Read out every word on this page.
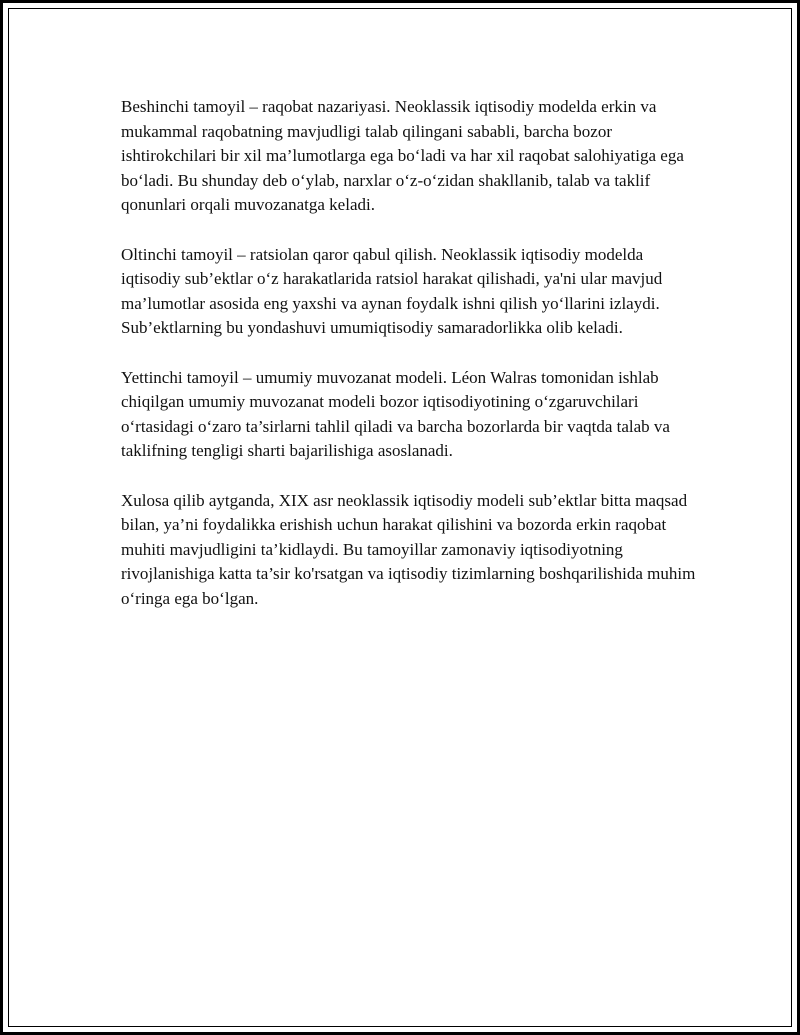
Beshinchi tamoyil – raqobat nazariyasi. Neoklassik iqtisodiy modelda erkin va mukammal raqobatning mavjudligi talab qilingani sababli, barcha bozor ishtirokchilari bir xil ma’lumotlarga ega bo‘ladi va har xil raqobat salohiyatiga ega bo‘ladi. Bu shunday deb o‘ylab, narxlar o‘z-o‘zidan shakllanib, talab va taklif qonunlari orqali muvozanatga keladi.

Oltinchi tamoyil – ratsiolan qaror qabul qilish. Neoklassik iqtisodiy modelda iqtisodiy sub’ektlar o‘z harakatlarida ratsiol harakat qilishadi, ya'ni ular mavjud ma’lumotlar asosida eng yaxshi va aynan foydalk ishni qilish yo‘llarini izlaydi. Sub’ektlarning bu yondashuvi umumiqtisodiy samaradorlikka olib keladi.

Yettinchi tamoyil – umumiy muvozanat modeli. Léon Walras tomonidan ishlab chiqilgan umumiy muvozanat modeli bozor iqtisodiyotining o‘zgaruvchilari o‘rtasidagi o‘zaro ta’sirlarni tahlil qiladi va barcha bozorlarda bir vaqtda talab va taklifning tengligi sharti bajarilishiga asoslanadi.

Xulosa qilib aytganda, XIX asr neoklassik iqtisodiy modeli sub’ektlar bitta maqsad bilan, ya’ni foydalikka erishish uchun harakat qilishini va bozorda erkin raqobat muhiti mavjudligini ta’kidlaydi. Bu tamoyillar zamonaviy iqtisodiyotning rivojlanishiga katta ta’sir ko'rsatgan va iqtisodiy tizimlarning boshqarilishida muhim o‘ringa ega bo‘lgan.
